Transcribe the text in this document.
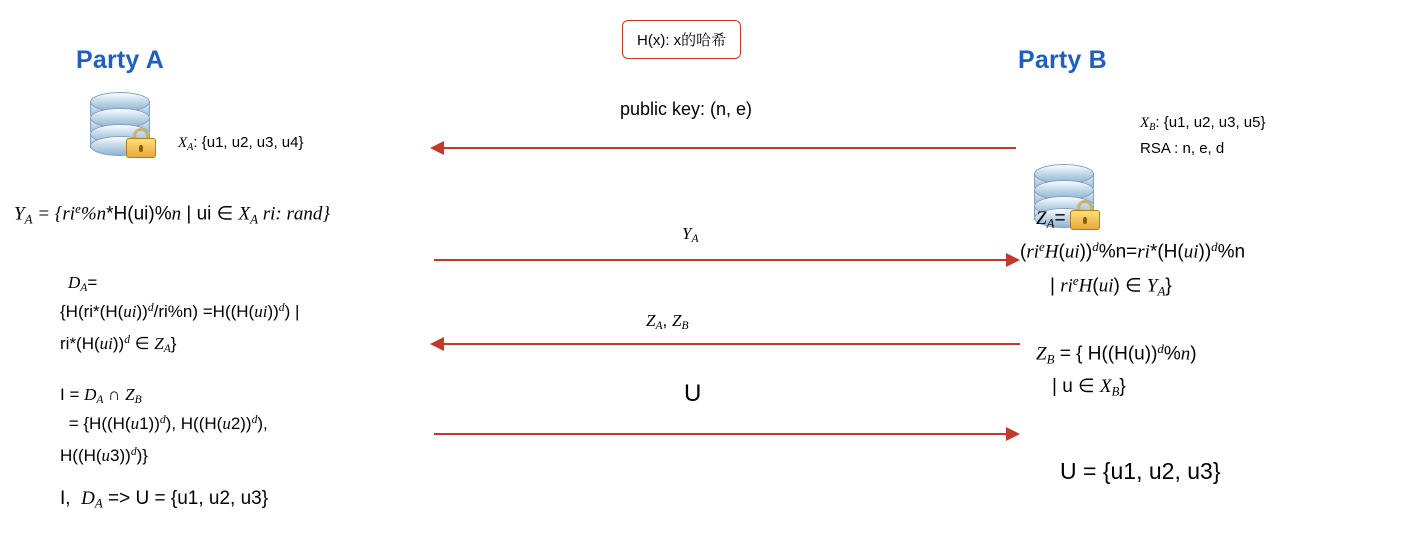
Party A	Party B
H(x): x的哈希
$X_A$: {u1, u2, u3, u4}
$X_B$: {u1, u2, u3, u5}
RSA : n, e, d
public key: (n, e)
$Y_A$
$Z_A$, $Z_B$
U
$Y_A = \{ri^e\%n*H(ui)\%n$ | ui ∈ $X_A$ ri: rand}
$D_A=$
{$H(ri*(H(ui))^d/ri\%n) =H((H(ui))^d)$ |
$ri*(H(ui))^d$ ∈ $Z_A$}
$I = D_A$ ∩ $Z_B$
= {$H((H(u1))^d)$, $H((H(u2))^d)$,
$H((H(u3))^d)$}
I,  $D_A => U = \{u1$, u2, u3}
$Z_A=$
$(ri^eH(ui))^d\%n=ri*(H(ui))^d\%n$
| $ri^eH(ui)$ ∈ $Y_A$}
$Z_B$ = { $H((H(u))^d\%n)$
| u ∈ $X_B$}
U = {u1, u2, u3}
